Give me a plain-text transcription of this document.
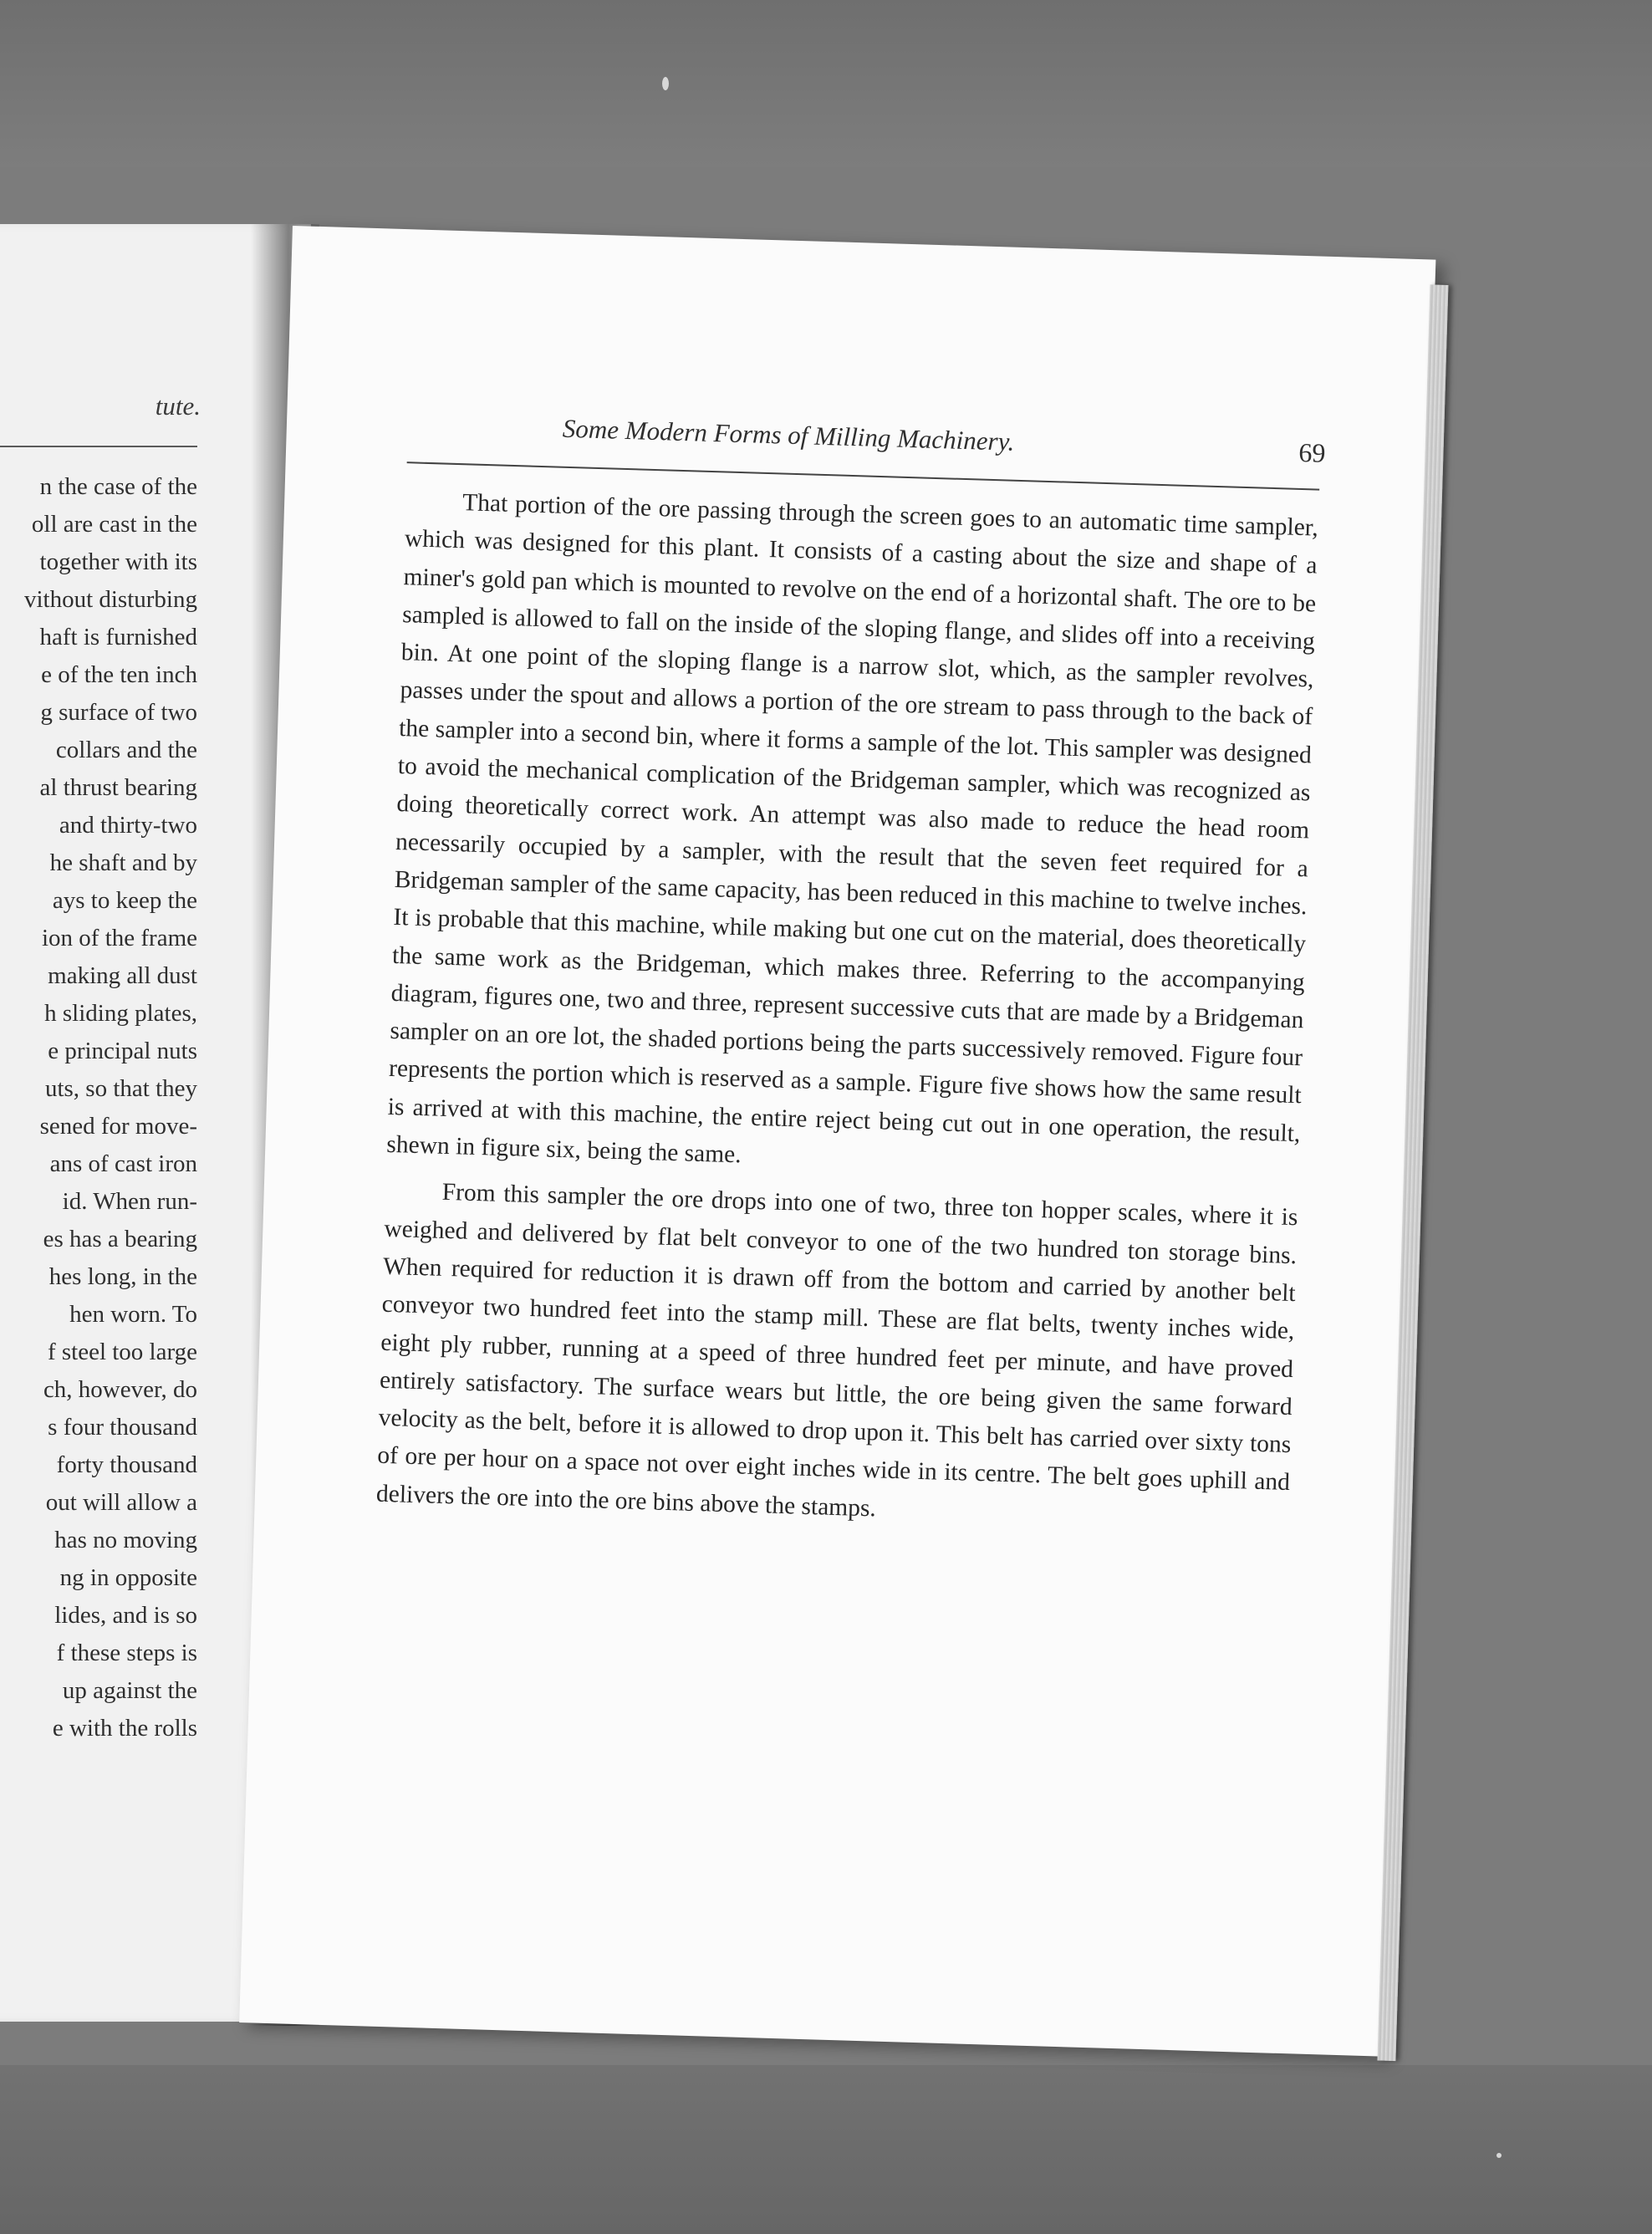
tute.
n the case of the
oll are cast in the
together with its
vithout disturbing
haft is furnished
e of the ten inch
g surface of two
collars and the
al thrust bearing
and thirty-two
he shaft and by
ays to keep the
ion of the frame
making all dust
h sliding plates,
e principal nuts
uts, so that they
sened for move-
ans of cast iron
id. When run-
es has a bearing
hes long, in the
hen worn. To
f steel too large
ch, however, do
s four thousand
forty thousand
out will allow a
has no moving
ng in opposite
lides, and is so
f these steps is
up against the
e with the rolls
Some Modern Forms of Milling Machinery.	69

That portion of the ore passing through the screen goes to an automatic time sampler, which was designed for this plant. It consists of a casting about the size and shape of a miner's gold pan which is mounted to revolve on the end of a horizontal shaft. The ore to be sampled is allowed to fall on the inside of the sloping flange, and slides off into a receiving bin. At one point of the sloping flange is a narrow slot, which, as the sampler revolves, passes under the spout and allows a portion of the ore stream to pass through to the back of the sampler into a second bin, where it forms a sample of the lot. This sampler was designed to avoid the mechanical complication of the Bridgeman sampler, which was recognized as doing theoretically correct work. An attempt was also made to reduce the head room necessarily occupied by a sampler, with the result that the seven feet required for a Bridgeman sampler of the same capacity, has been reduced in this machine to twelve inches. It is probable that this machine, while making but one cut on the material, does theoretically the same work as the Bridgeman, which makes three. Referring to the accompanying diagram, figures one, two and three, represent successive cuts that are made by a Bridgeman sampler on an ore lot, the shaded portions being the parts successively removed. Figure four represents the portion which is reserved as a sample. Figure five shows how the same result is arrived at with this machine, the entire reject being cut out in one operation, the result, shewn in figure six, being the same.

From this sampler the ore drops into one of two, three ton hopper scales, where it is weighed and delivered by flat belt conveyor to one of the two hundred ton storage bins. When required for reduction it is drawn off from the bottom and carried by another belt conveyor two hundred feet into the stamp mill. These are flat belts, twenty inches wide, eight ply rubber, running at a speed of three hundred feet per minute, and have proved entirely satisfactory. The surface wears but little, the ore being given the same forward velocity as the belt, before it is allowed to drop upon it. This belt has carried over sixty tons of ore per hour on a space not over eight inches wide in its centre. The belt goes uphill and delivers the ore into the ore bins above the stamps.
